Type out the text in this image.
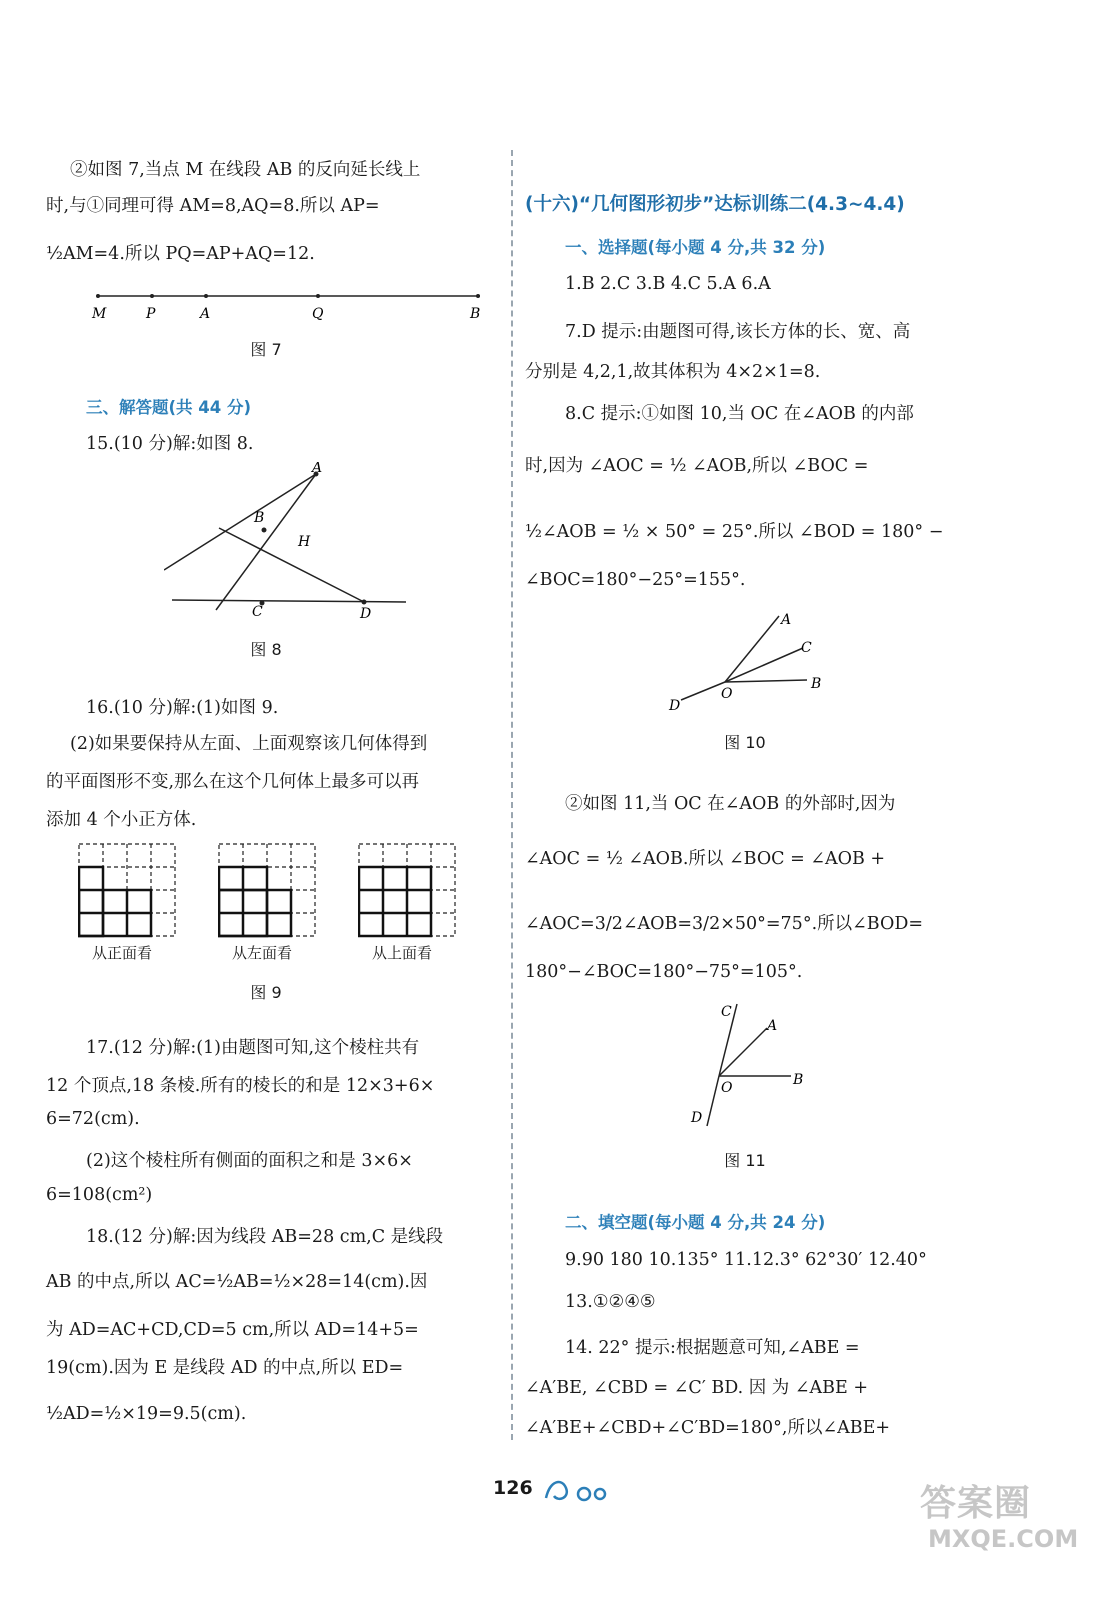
②如图 7,当点 M 在线段 AB 的反向延长线上
时,与①同理可得 AM=8,AQ=8.所以 AP=
½AM=4.所以 PQ=AP+AQ=12.
M	P	A	Q	B
图 7
三、解答题(共 44 分)
15.(10 分)解:如图 8.
A
B
H
C	D
图 8
16.(10 分)解:(1)如图 9.
(2)如果要保持从左面、上面观察该几何体得到
的平面图形不变,那么在这个几何体上最多可以再
添加 4 个小正方体.
从正面看	从左面看	从上面看
图 9
17.(12 分)解:(1)由题图可知,这个棱柱共有
12 个顶点,18 条棱.所有的棱长的和是 12×3+6×
6=72(cm).
(2)这个棱柱所有侧面的面积之和是 3×6×
6=108(cm²)
18.(12 分)解:因为线段 AB=28 cm,C 是线段
AB 的中点,所以 AC=½AB=½×28=14(cm).因
为 AD=AC+CD,CD=5 cm,所以 AD=14+5=
19(cm).因为 E 是线段 AD 的中点,所以 ED=
½AD=½×19=9.5(cm).
(十六)“几何图形初步”达标训练二(4.3~4.4)
一、选择题(每小题 4 分,共 32 分)
1.B 2.C 3.B 4.C 5.A 6.A
7.D 提示:由题图可得,该长方体的长、宽、高
分别是 4,2,1,故其体积为 4×2×1=8.
8.C 提示:①如图 10,当 OC 在∠AOB 的内部
时,因为 ∠AOC = ½ ∠AOB,所以 ∠BOC =
½∠AOB = ½ × 50° = 25°.所以 ∠BOD = 180° −
∠BOC=180°−25°=155°.
A
C
B
O
D
图 10
②如图 11,当 OC 在∠AOB 的外部时,因为
∠AOC = ½ ∠AOB.所以 ∠BOC = ∠AOB +
∠AOC=3/2∠AOB=3/2×50°=75°.所以∠BOD=
180°−∠BOC=180°−75°=105°.
C
A
B
O
D
图 11
二、填空题(每小题 4 分,共 24 分)
9.90 180 10.135° 11.12.3° 62°30′ 12.40°
13.①②④⑤
14. 22° 提示:根据题意可知,∠ABE =
∠A′BE, ∠CBD = ∠C′ BD. 因 为 ∠ABE +
∠A′BE+∠CBD+∠C′BD=180°,所以∠ABE+
126	答案圈
MXQE.COM
